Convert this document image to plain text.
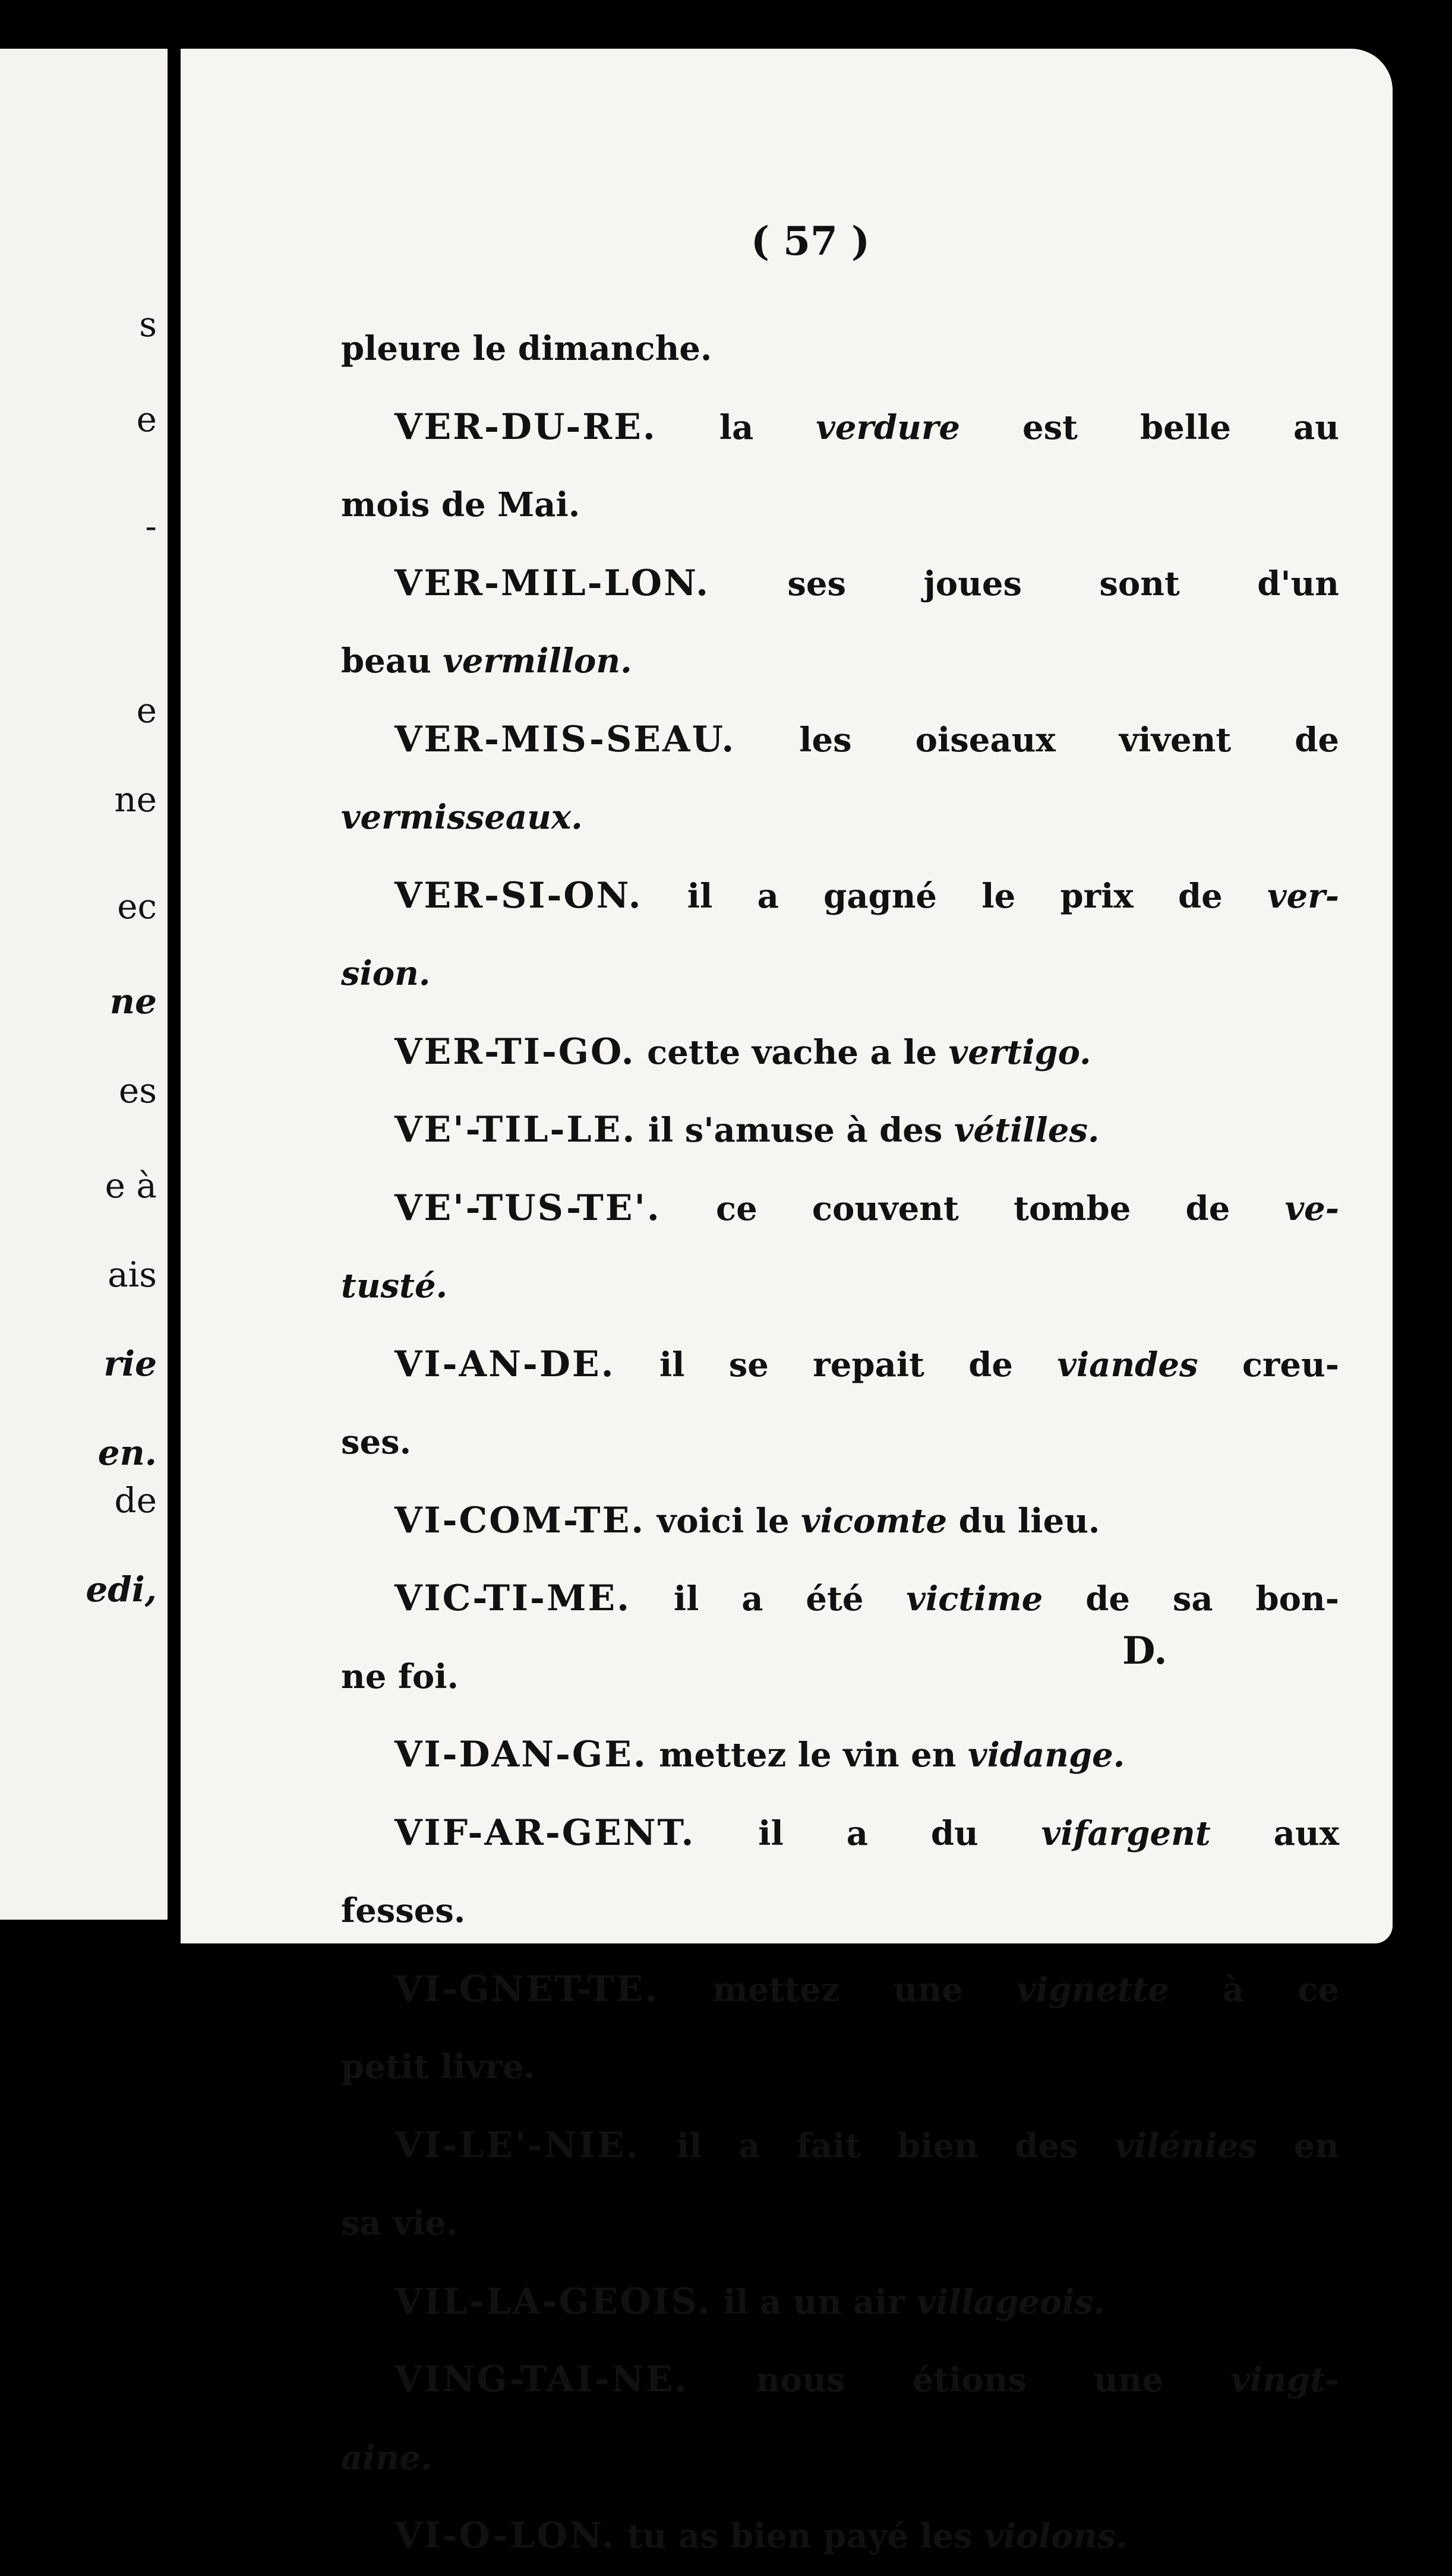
s
e
-
e
ne
ec
ne
es
e à
ais
rie
en.
de
edi,
( 57 )
pleure le dimanche.
VER-DU-RE. la verdure est belle au
mois de Mai.
VER-MIL-LON. ses joues sont d'un
beau vermillon.
VER-MIS-SEAU. les oiseaux vivent de
vermisseaux.
VER-SI-ON. il a gagné le prix de ver-
sion.
VER-TI-GO. cette vache a le vertigo.
VE'-TIL-LE. il s'amuse à des vétilles.
VE'-TUS-TE'. ce couvent tombe de ve-
tusté.
VI-AN-DE. il se repait de viandes creu-
ses.
VI-COM-TE. voici le vicomte du lieu.
VIC-TI-ME. il a été victime de sa bon-
ne foi.
VI-DAN-GE. mettez le vin en vidange.
VIF-AR-GENT. il a du vifargent aux
fesses.
VI-GNET-TE. mettez une vignette à ce
petit livre.
VI-LE'-NIE. il a fait bien des vilénies en
sa vie.
VIL-LA-GEOIS. il a un air villageois.
VING-TAI-NE. nous étions une vingt-
aine.
VI-O-LON. tu as bien payé les violons.
D.
